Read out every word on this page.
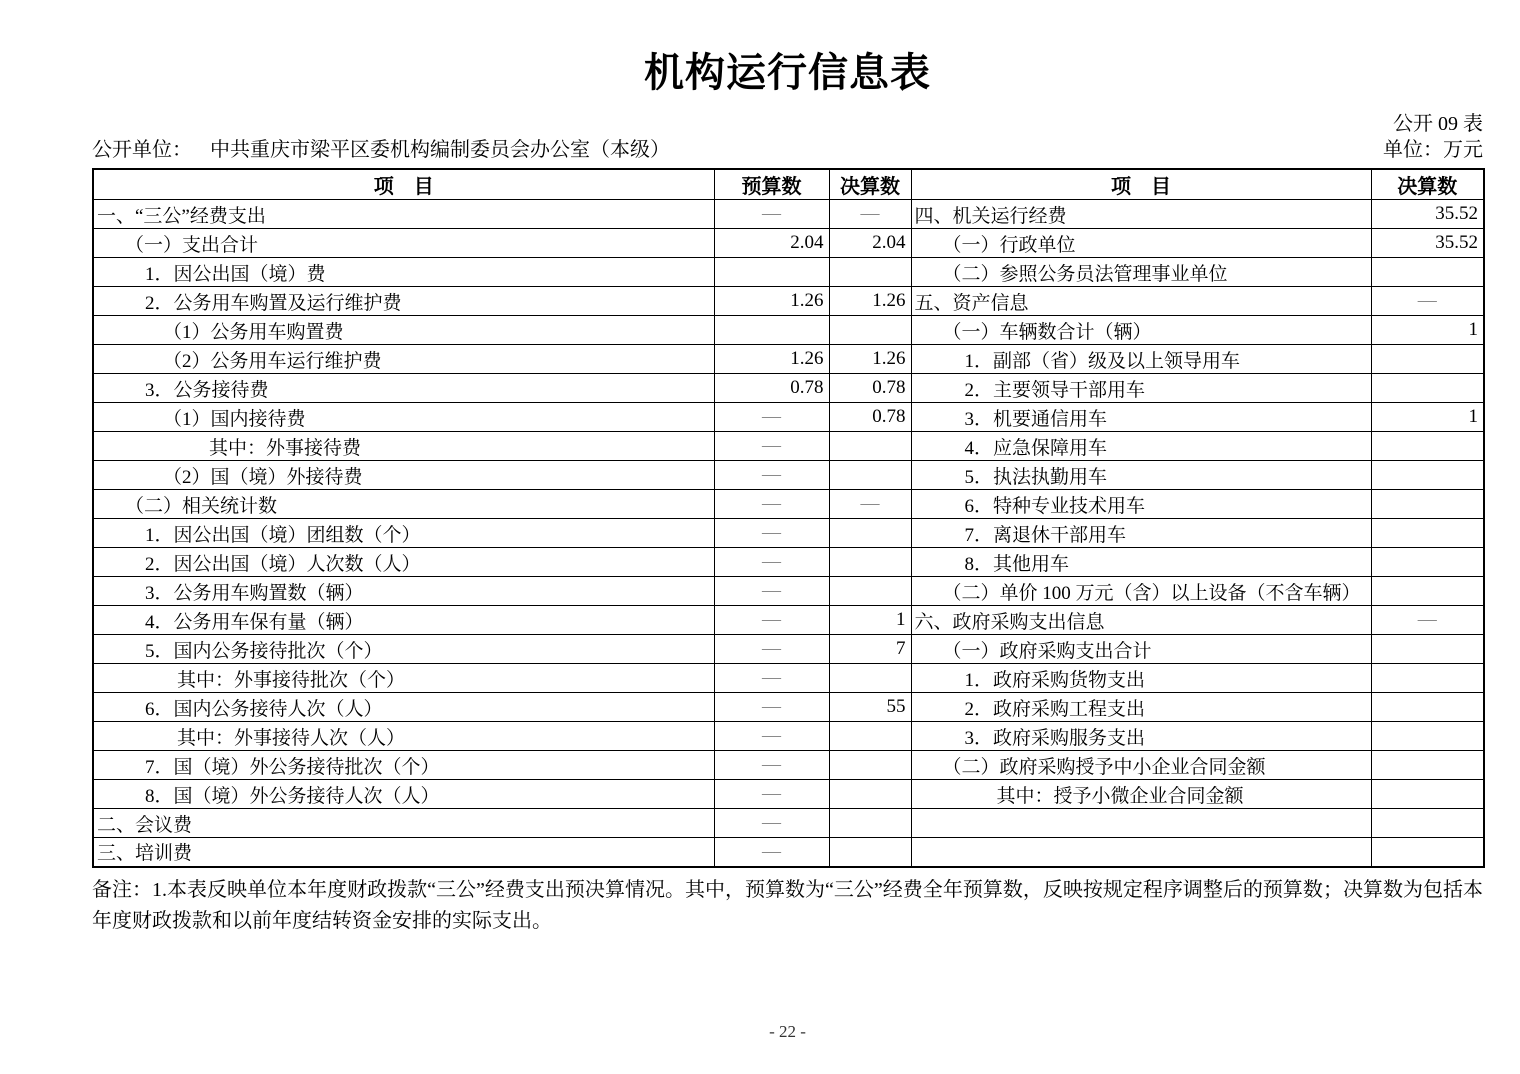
机构运行信息表
公开 09 表
公开单位： 中共重庆市梁平区委机构编制委员会办公室（本级）	单位：万元
项　目	预算数	决算数	项　目	决算数
一、“三公”经费支出	—	—	四、机关运行经费	35.52
（一）支出合计	2.04	2.04	（一）行政单位	35.52
1．因公出国（境）费			（二）参照公务员法管理事业单位	
2．公务用车购置及运行维护费	1.26	1.26	五、资产信息	—
（1）公务用车购置费			（一）车辆数合计（辆）	1
（2）公务用车运行维护费	1.26	1.26	1．副部（省）级及以上领导用车	
3．公务接待费	0.78	0.78	2．主要领导干部用车	
（1）国内接待费	—	0.78	3．机要通信用车	1
其中：外事接待费	—		4．应急保障用车	
（2）国（境）外接待费	—		5．执法执勤用车	
（二）相关统计数	—	—	6．特种专业技术用车	
1．因公出国（境）团组数（个）	—		7．离退休干部用车	
2．因公出国（境）人次数（人）	—		8．其他用车	
3．公务用车购置数（辆）	—		（二）单价 100 万元（含）以上设备（不含车辆）	
4．公务用车保有量（辆）	—	1	六、政府采购支出信息	—
5．国内公务接待批次（个）	—	7	（一）政府采购支出合计	
其中：外事接待批次（个）	—		1．政府采购货物支出	
6．国内公务接待人次（人）	—	55	2．政府采购工程支出	
其中：外事接待人次（人）	—		3．政府采购服务支出	
7．国（境）外公务接待批次（个）	—		（二）政府采购授予中小企业合同金额	
8．国（境）外公务接待人次（人）	—		其中：授予小微企业合同金额	
二、会议费	—			
三、培训费	—			
备注：1.本表反映单位本年度财政拨款“三公”经费支出预决算情况。其中，预算数为“三公”经费全年预算数，反映按规定程序调整后的预算数；决算数为包括本年度财政拨款和以前年度结转资金安排的实际支出。
- 22 -
